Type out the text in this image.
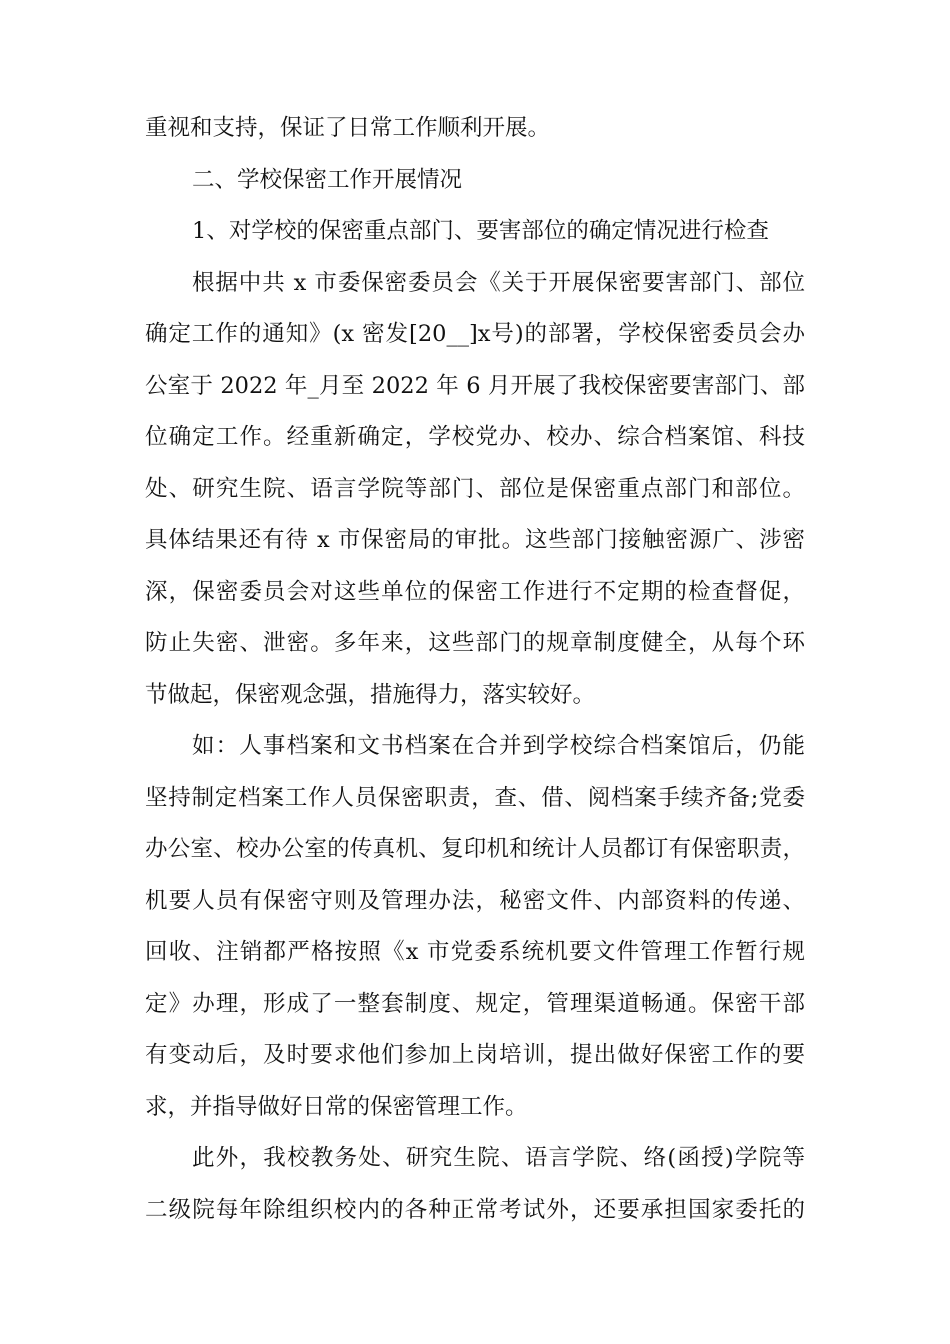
重视和支持，保证了日常工作顺利开展。
二、学校保密工作开展情况
1、对学校的保密重点部门、要害部位的确定情况进行检查
根据中共 x 市委保密委员会《关于开展保密要害部门、部位
确定工作的通知》(x 密发[20__]x号)的部署，学校保密委员会办
公室于 2022 年_月至 2022 年 6 月开展了我校保密要害部门、部
位确定工作。经重新确定，学校党办、校办、综合档案馆、科技
处、研究生院、语言学院等部门、部位是保密重点部门和部位。
具体结果还有待 x 市保密局的审批。这些部门接触密源广、涉密
深，保密委员会对这些单位的保密工作进行不定期的检查督促，
防止失密、泄密。多年来，这些部门的规章制度健全，从每个环
节做起，保密观念强，措施得力，落实较好。
如：人事档案和文书档案在合并到学校综合档案馆后，仍能
坚持制定档案工作人员保密职责，查、借、阅档案手续齐备;党委
办公室、校办公室的传真机、复印机和统计人员都订有保密职责，
机要人员有保密守则及管理办法，秘密文件、内部资料的传递、
回收、注销都严格按照《x 市党委系统机要文件管理工作暂行规
定》办理，形成了一整套制度、规定，管理渠道畅通。保密干部
有变动后，及时要求他们参加上岗培训，提出做好保密工作的要
求，并指导做好日常的保密管理工作。
此外，我校教务处、研究生院、语言学院、络(函授)学院等
二级院每年除组织校内的各种正常考试外，还要承担国家委托的
